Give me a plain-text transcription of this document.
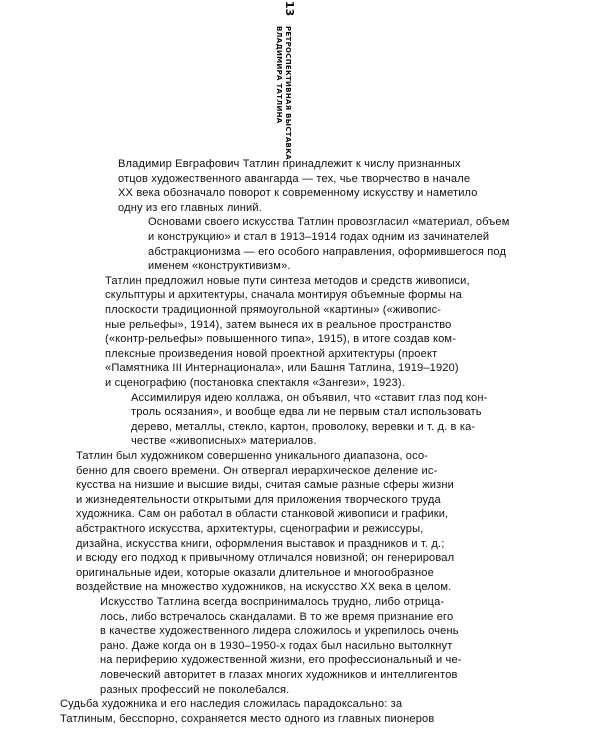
13
РЕТРОСПЕКТИВНАЯ ВЫСТАВКА
ВЛАДИМИРА ТАТЛИНА
Владимир Евграфович Татлин принадлежит к числу признанных
отцов художественного авангарда — тех, чье творчество в начале
XX века обозначало поворот к современному искусству и наметило
одну из его главных линий.
Основами своего искусства Татлин провозгласил «материал, объем
и конструкцию» и стал в 1913–1914 годах одним из зачинателей
абстракционизма — его особого направления, оформившегося под
именем «конструктивизм».
Татлин предложил новые пути синтеза методов и средств живописи,
скульптуры и архитектуры, сначала монтируя объемные формы на
плоскости традиционной прямоугольной «картины» («живопис-
ные рельефы», 1914), затем вынеся их в реальное пространство
(«контр-рельефы» повышенного типа», 1915), в итоге создав ком-
плексные произведения новой проектной архитектуры (проект
«Памятника III Интернационала», или Башня Татлина, 1919–1920)
и сценографию (постановка спектакля «Зангези», 1923).
Ассимилируя идею коллажа, он объявил, что «ставит глаз под кон-
троль осязания», и вообще едва ли не первым стал использовать
дерево, металлы, стекло, картон, проволоку, веревки и т. д. в ка-
честве «живописных» материалов.
Татлин был художником совершенно уникального диапазона, осо-
бенно для своего времени. Он отвергал иерархическое деление ис-
кусства на низшие и высшие виды, считая самые разные сферы жизни
и жизнедеятельности открытыми для приложения творческого труда
художника. Сам он работал в области станковой живописи и графики,
абстрактного искусства, архитектуры, сценографии и режиссуры,
дизайна, искусства книги, оформления выставок и праздников и т. д.;
и всюду его подход к привычному отличался новизной; он генерировал
оригинальные идеи, которые оказали длительное и многообразное
воздействие на множество художников, на искусство XX века в целом.
Искусство Татлина всегда воспринималось трудно, либо отрица-
лось, либо встречалось скандалами. В то же время признание его
в качестве художественного лидера сложилось и укрепилось очень
рано. Даже когда он в 1930–1950-х годах был насильно вытолкнут
на периферию художественной жизни, его профессиональный и че-
ловеческий авторитет в глазах многих художников и интеллигентов
разных профессий не поколебался.
Судьба художника и его наследия сложилась парадоксально: за
Татлиным, бесспорно, сохраняется место одного из главных пионеров
